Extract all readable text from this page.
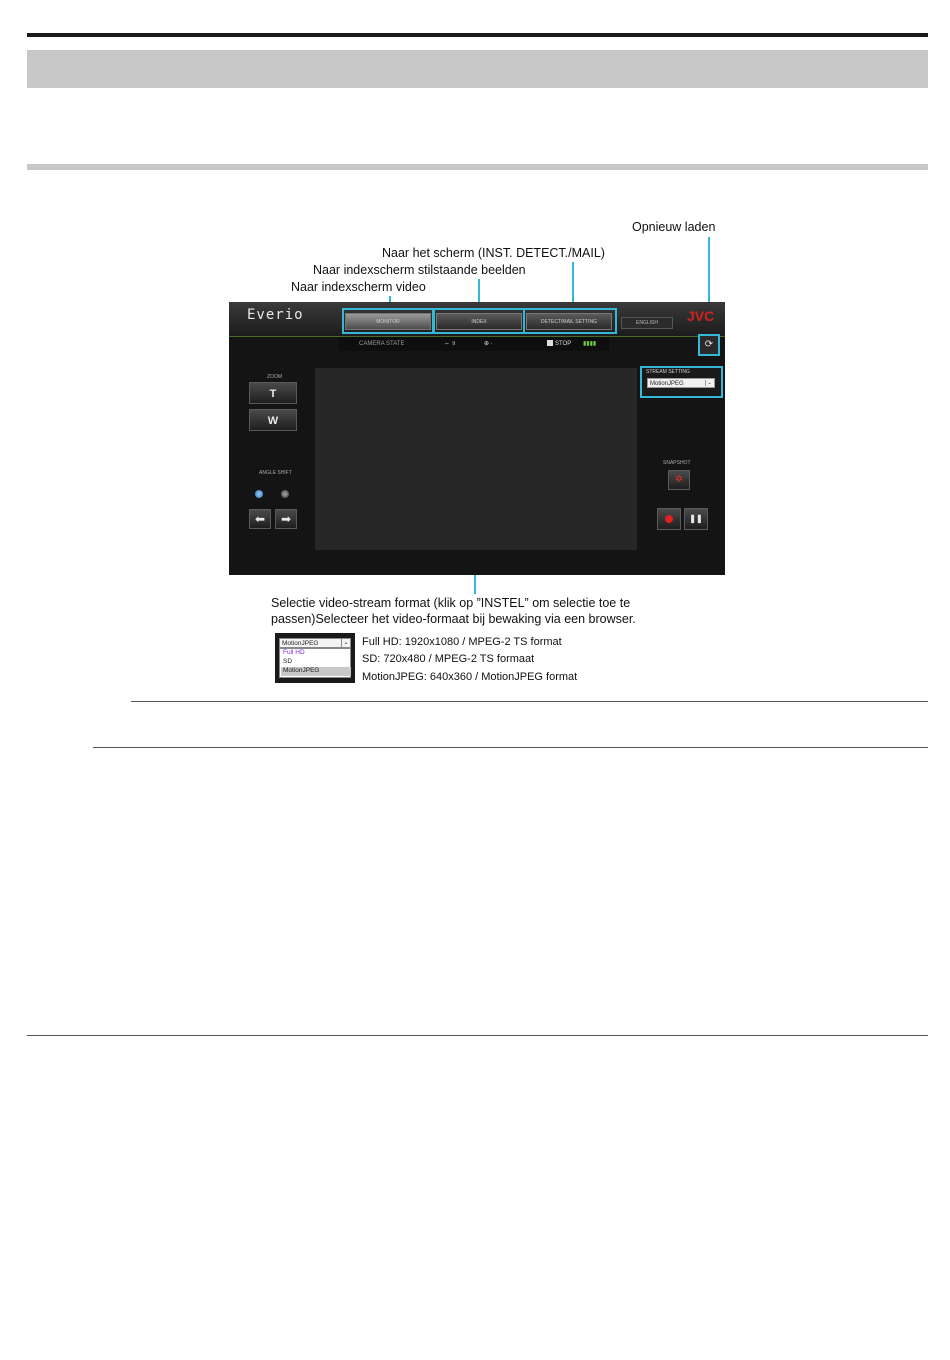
Opnieuw laden
Naar het scherm (INST. DETECT./MAIL)
Naar indexscherm stilstaande beelden
Naar indexscherm video
Everio	MONITOR	INDEX	DETECT/MAIL SETTING	ENGLISH	JVC
CAMERA STATE	⇔ ॥	⊕ ·	STOP ▮▮▮▮	⟳
STREAM SETTING
MotionJPEG	⌄
ZOOM
T
W
ANGLE SHIFT
⬅	➡
SNAPSHOT
✲
❚❚
Selectie video-stream format (klik op ”INSTEL” om selectie toe te
passen)Selecteer het video-formaat bij bewaking via een browser.
MotionJPEG	⌄
Full HD
SD
MotionJPEG
Full HD: 1920x1080 / MPEG-2 TS format
SD: 720x480 / MPEG-2 TS formaat
MotionJPEG: 640x360 / MotionJPEG format
